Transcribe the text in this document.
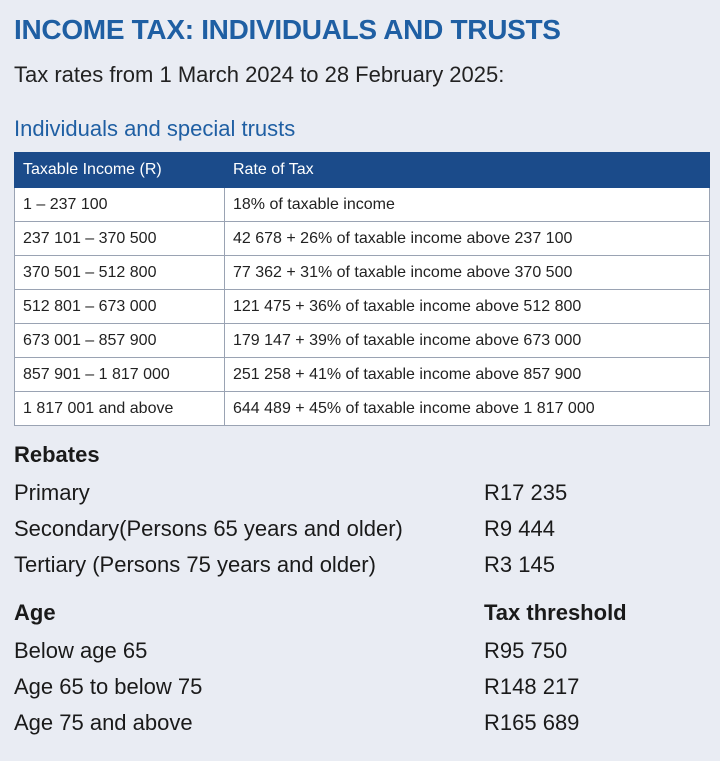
INCOME TAX: INDIVIDUALS AND TRUSTS
Tax rates from 1 March 2024 to 28 February 2025:
Individuals and special trusts
Taxable Income (R)	Rate of Tax
1 – 237 100	18% of taxable income
237 101 – 370 500	42 678 + 26% of taxable income above 237 100
370 501 – 512 800	77 362 + 31% of taxable income above 370 500
512 801 – 673 000	121 475 + 36% of taxable income above 512 800
673 001 – 857 900	179 147 + 39% of taxable income above 673 000
857 901 – 1 817 000	251 258 + 41% of taxable income above 857 900
1 817 001 and above	644 489 + 45% of taxable income above 1 817 000
Rebates
Primary	R17 235
Secondary(Persons 65 years and older)	R9 444
Tertiary (Persons 75 years and older)	R3 145
Age	Tax threshold
Below age 65	R95 750
Age 65 to below 75	R148 217
Age 75 and above	R165 689
